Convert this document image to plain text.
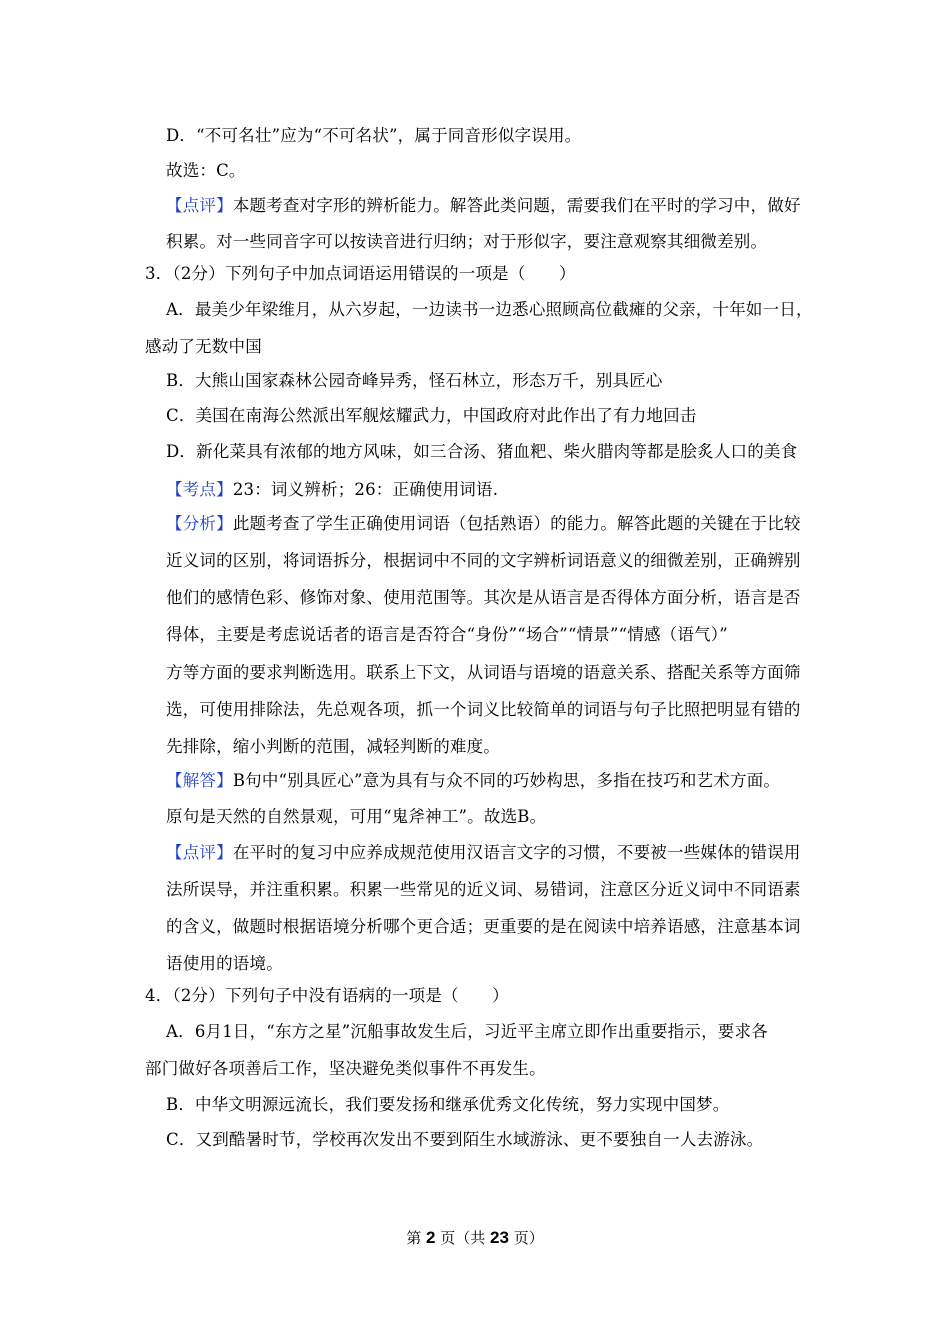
D．“不可名壮”应为“不可名状”，属于同音形似字误用。
故选：C。
【点评】本题考查对字形的辨析能力。解答此类问题，需要我们在平时的学习中，做好
积累。对一些同音字可以按读音进行归纳；对于形似字，要注意观察其细微差别。
3．（2分）下列句子中加点词语运用错误的一项是（　　）
A．最美少年梁维月，从六岁起，一边读书一边悉心照顾高位截瘫的父亲，十年如一日，
感动了无数中国
B．大熊山国家森林公园奇峰异秀，怪石林立，形态万千，别具匠心
C．美国在南海公然派出军舰炫耀武力，中国政府对此作出了有力地回击
D．新化菜具有浓郁的地方风味，如三合汤、猪血粑、柴火腊肉等都是脍炙人口的美食
【考点】23：词义辨析；26：正确使用词语.
【分析】此题考查了学生正确使用词语（包括熟语）的能力。解答此题的关键在于比较
近义词的区别，将词语拆分，根据词中不同的文字辨析词语意义的细微差别，正确辨别
他们的感情色彩、修饰对象、使用范围等。其次是从语言是否得体方面分析，语言是否
得体，主要是考虑说话者的语言是否符合“身份”“场合”“情景”“情感（语气）”
方等方面的要求判断选用。联系上下文，从词语与语境的语意关系、搭配关系等方面筛
选，可使用排除法，先总观各项，抓一个词义比较简单的词语与句子比照把明显有错的
先排除，缩小判断的范围，减轻判断的难度。
【解答】B句中“别具匠心”意为具有与众不同的巧妙构思，多指在技巧和艺术方面。
原句是天然的自然景观，可用“鬼斧神工”。故选B。
【点评】在平时的复习中应养成规范使用汉语言文字的习惯，不要被一些媒体的错误用
法所误导，并注重积累。积累一些常见的近义词、易错词，注意区分近义词中不同语素
的含义，做题时根据语境分析哪个更合适；更重要的是在阅读中培养语感，注意基本词
语使用的语境。
4．（2分）下列句子中没有语病的一项是（　　）
A．6月1日，“东方之星”沉船事故发生后，习近平主席立即作出重要指示，要求各
部门做好各项善后工作，坚决避免类似事件不再发生。
B．中华文明源远流长，我们要发扬和继承优秀文化传统，努力实现中国梦。
C．又到酷暑时节，学校再次发出不要到陌生水域游泳、更不要独自一人去游泳。
第 2 页（共 23 页）
